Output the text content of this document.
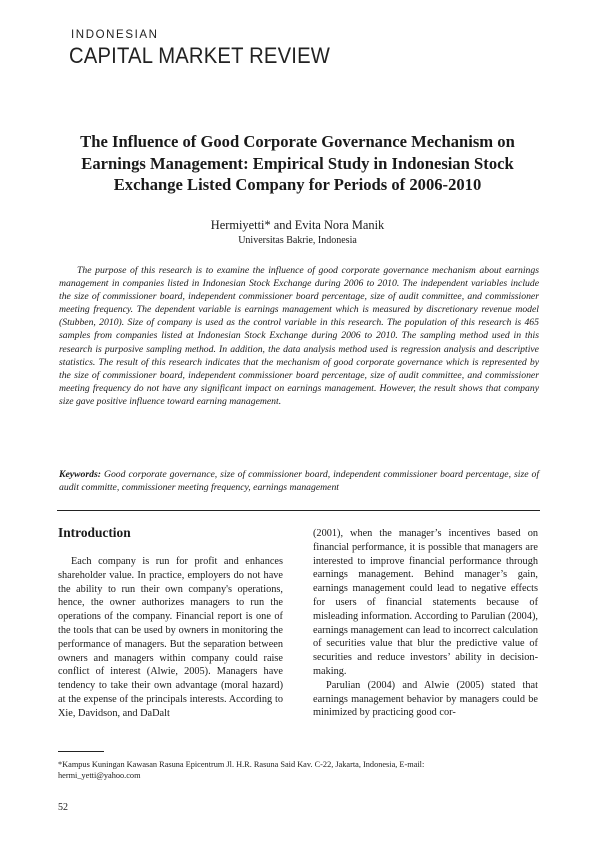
INDONESIAN
CAPITAL MARKET REVIEW
The Influence of Good Corporate Governance Mechanism on Earnings Management: Empirical Study in Indonesian Stock Exchange Listed Company for Periods of 2006-2010
Hermiyetti* and Evita Nora Manik
Universitas Bakrie, Indonesia

The purpose of this research is to examine the influence of good corporate governance mechanism about earnings management in companies listed in Indonesian Stock Exchange during 2006 to 2010. The independent variables include the size of commissioner board, independent commissioner board percentage, size of audit committee, and commissioner meeting frequency. The dependent variable is earnings management which is measured by discretionary revenue model (Stubben, 2010). Size of company is used as the control variable in this research. The population of this research is 465 samples from companies listed at Indonesian Stock Exchange during 2006 to 2010. The sampling method used in this research is purposive sampling method. In addition, the data analysis method used is regression analysis and descriptive statistics. The result of this research indicates that the mechanism of good corporate governance which is represented by the size of commissioner board, independent commissioner board percentage, size of audit committee, and commissioner meeting frequency do not have any significant impact on earnings management. However, the result shows that company size gave positive influence toward earning management.

Keywords: Good corporate governance, size of commissioner board, independent commissioner board percentage, size of audit committe, commissioner meeting frequency, earnings management

Introduction

Each company is run for profit and enhances shareholder value. In practice, employers do not have the ability to run their own company's operations, hence, the owner authorizes managers to run the operations of the company. Financial report is one of the tools that can be used by owners in monitoring the performance of managers. But the separation between owners and managers within company could raise conflict of interest (Alwie, 2005). Managers have tendency to take their own advantage (moral hazard) at the expense of the principals interests. According to Xie, Davidson, and DaDalt

(2001), when the manager’s incentives based on financial performance, it is possible that managers are interested to improve financial performance through earnings management. Behind manager’s gain, earnings management could lead to negative effects for users of financial statements because of misleading information. According to Parulian (2004), earnings management can lead to incorrect calculation of securities value that blur the predictive value of securities and reduce investors’ ability in decision-making.

Parulian (2004) and Alwie (2005) stated that earnings management behavior by managers could be minimized by practicing good cor-

*Kampus Kuningan Kawasan Rasuna Epicentrum Jl. H.R. Rasuna Said Kav. C-22, Jakarta, Indonesia, E-mail:
hermi_yetti@yahoo.com

52
